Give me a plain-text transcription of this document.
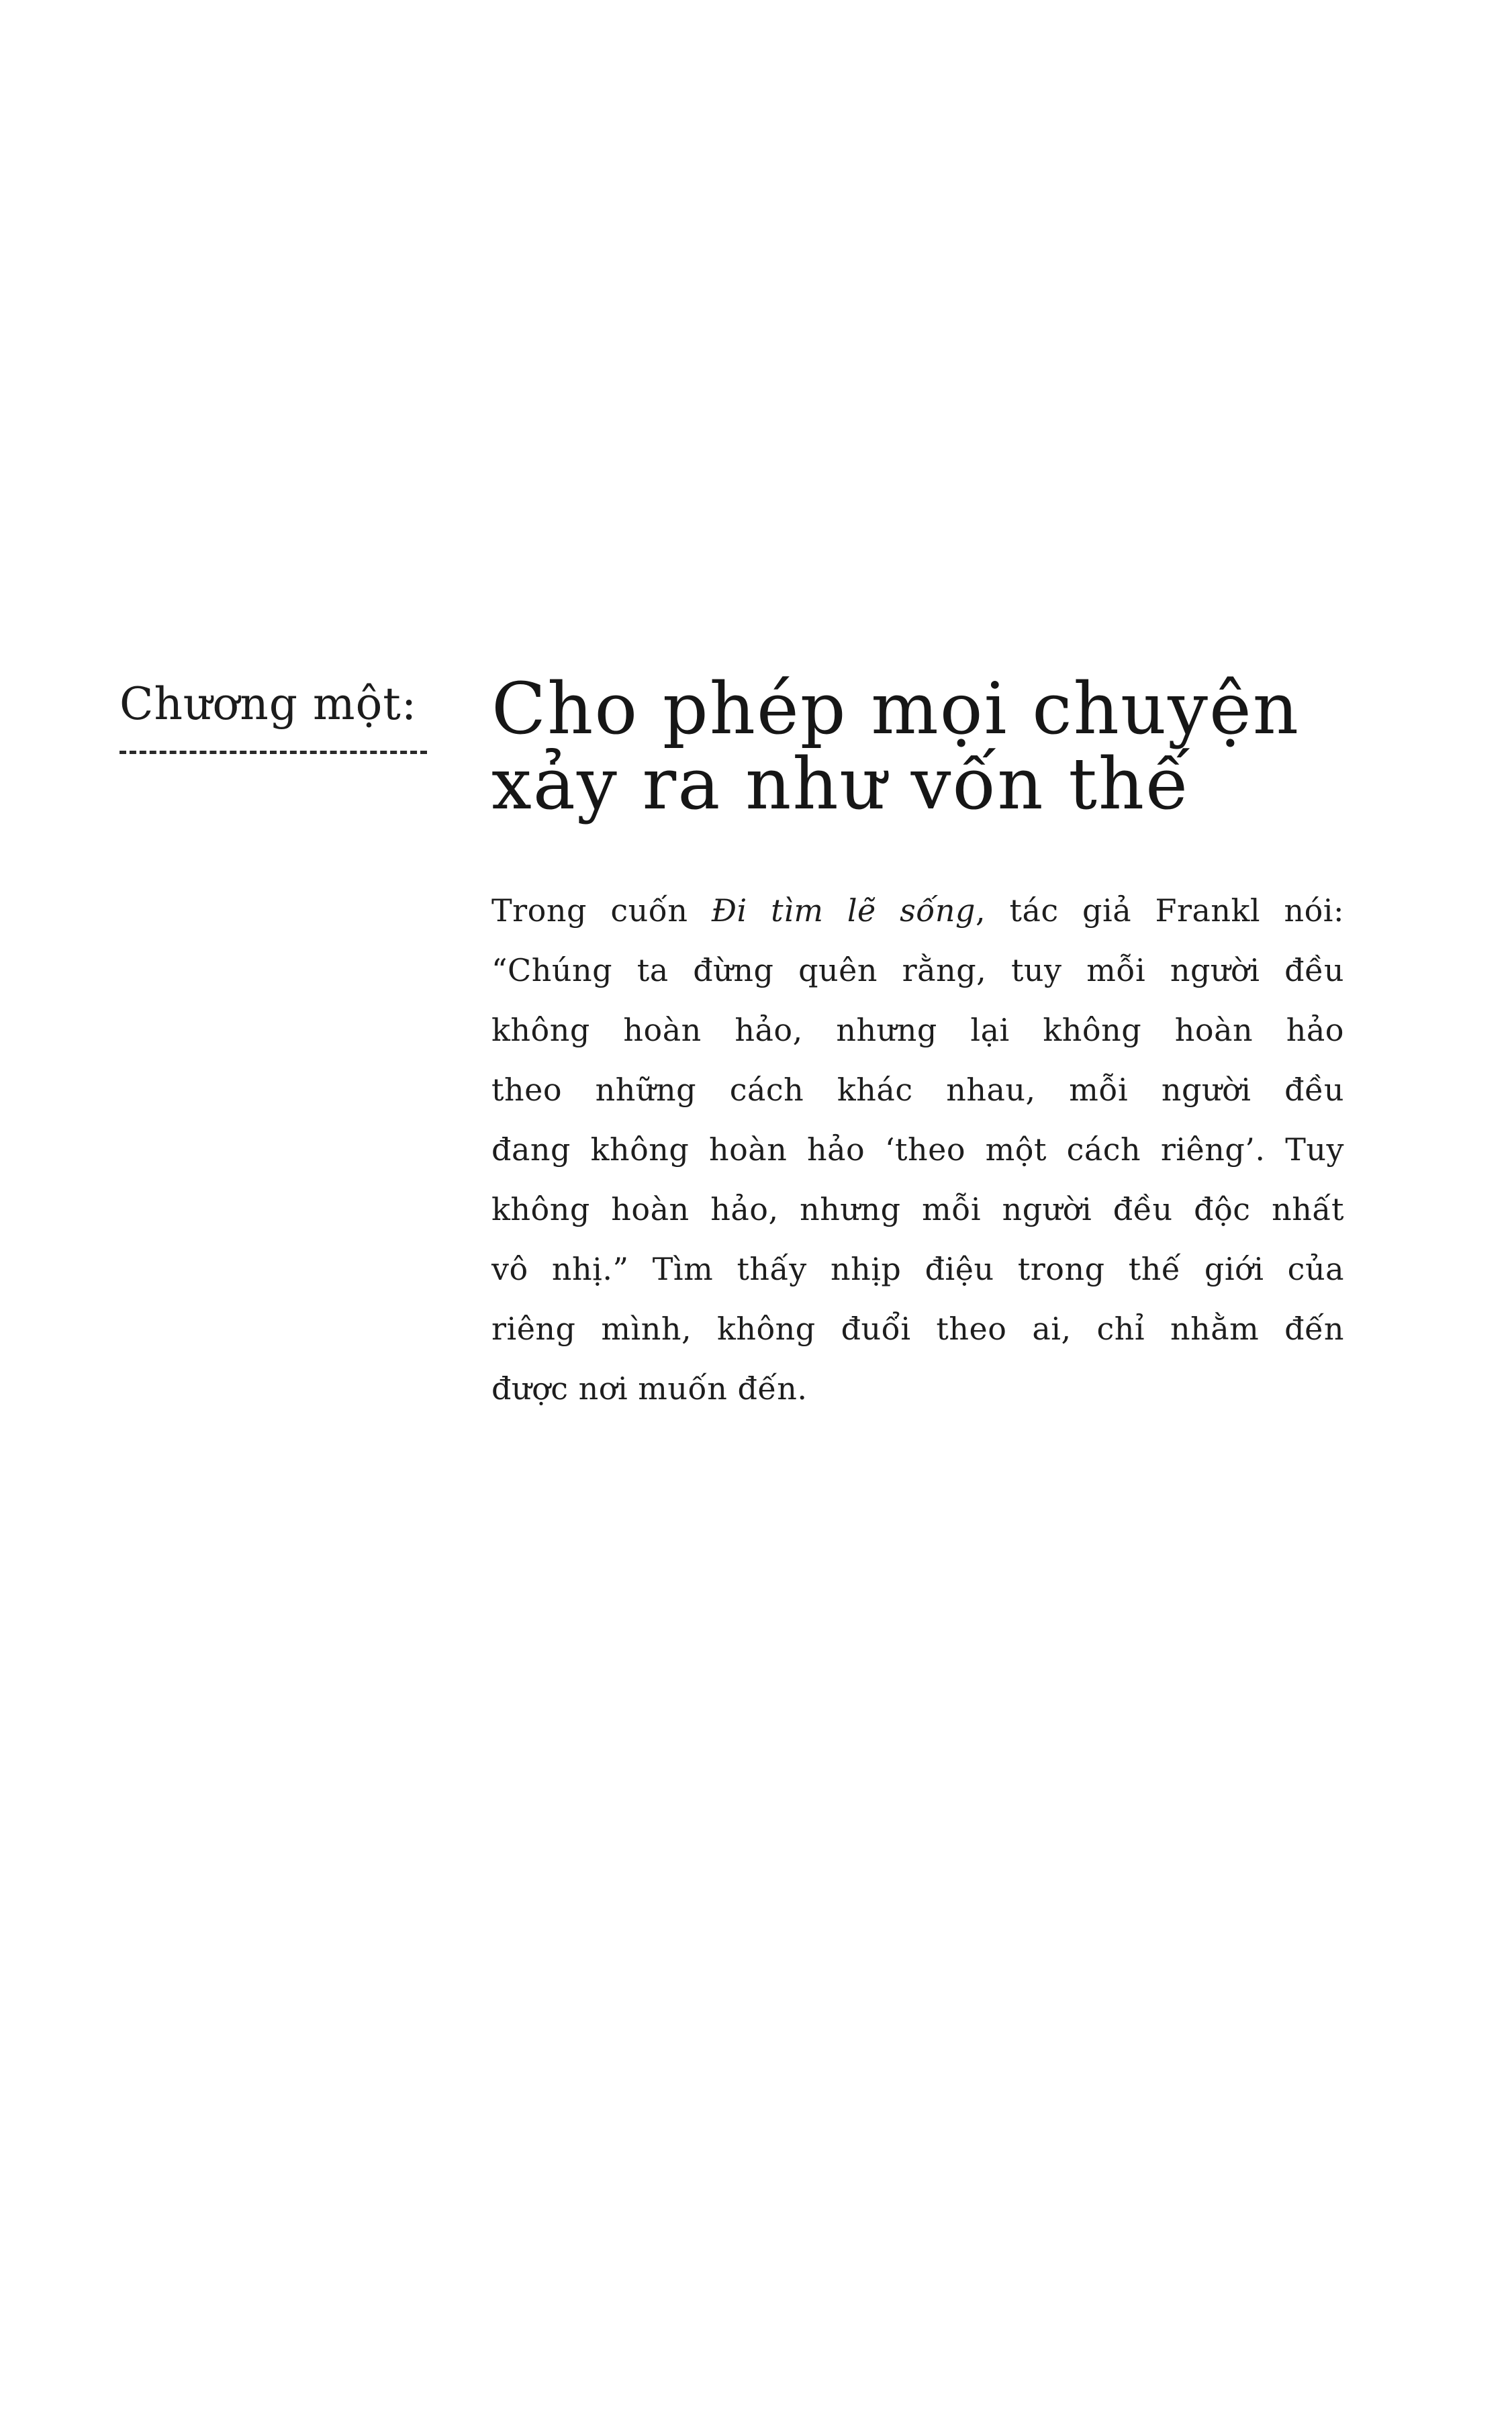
Chương một: Cho phép mọi chuyện
xảy ra như vốn thế
Trong cuốn Đi tìm lẽ sống, tác giả Frankl nói:
“Chúng ta đừng quên rằng, tuy mỗi người đều
không hoàn hảo, nhưng lại không hoàn hảo
theo những cách khác nhau, mỗi người đều
đang không hoàn hảo ‘theo một cách riêng’. Tuy
không hoàn hảo, nhưng mỗi người đều độc nhất
vô nhị.” Tìm thấy nhịp điệu trong thế giới của
riêng mình, không đuổi theo ai, chỉ nhằm đến
được nơi muốn đến.
